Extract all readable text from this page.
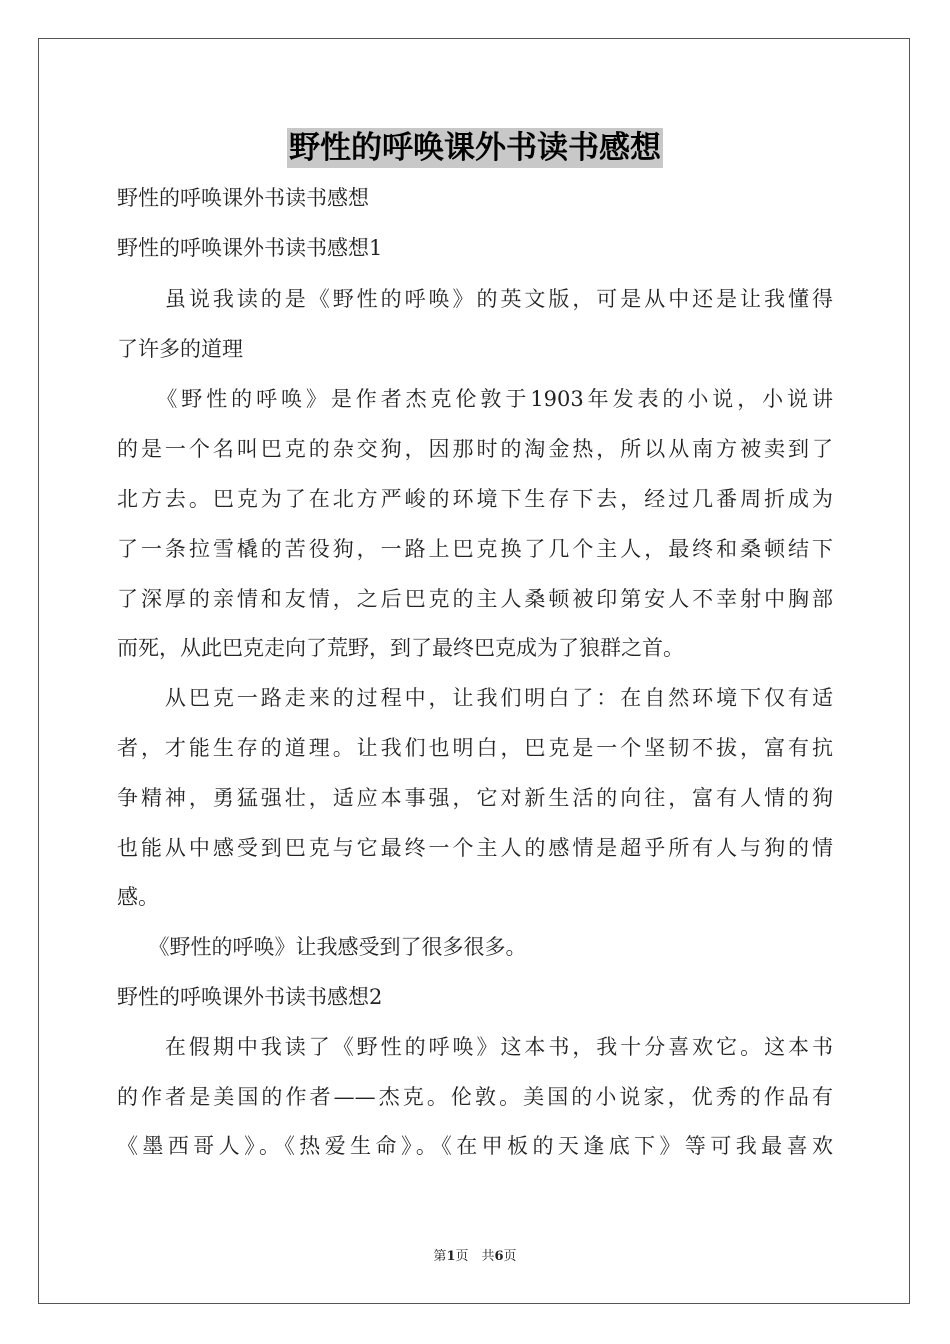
野性的呼唤课外书读书感想
野性的呼唤课外书读书感想
野性的呼唤课外书读书感想1
　　虽说我读的是《野性的呼唤》的英文版，可是从中还是让我懂得
了许多的道理
　　《野性的呼唤》是作者杰克伦敦于1903年发表的小说，小说讲
的是一个名叫巴克的杂交狗，因那时的淘金热，所以从南方被卖到了
北方去。巴克为了在北方严峻的环境下生存下去，经过几番周折成为
了一条拉雪橇的苦役狗，一路上巴克换了几个主人，最终和桑顿结下
了深厚的亲情和友情，之后巴克的主人桑顿被印第安人不幸射中胸部
而死，从此巴克走向了荒野，到了最终巴克成为了狼群之首。
　　从巴克一路走来的过程中，让我们明白了：在自然环境下仅有适
者，才能生存的道理。让我们也明白，巴克是一个坚韧不拔，富有抗
争精神，勇猛强壮，适应本事强，它对新生活的向往，富有人情的狗
也能从中感受到巴克与它最终一个主人的感情是超乎所有人与狗的情
感。
　　《野性的呼唤》让我感受到了很多很多。
野性的呼唤课外书读书感想2
　　在假期中我读了《野性的呼唤》这本书，我十分喜欢它。这本书
的作者是美国的作者——杰克。伦敦。美国的小说家，优秀的作品有
《墨西哥人》。《热爱生命》。《在甲板的天逢底下》等可我最喜欢
第1页　共6页
